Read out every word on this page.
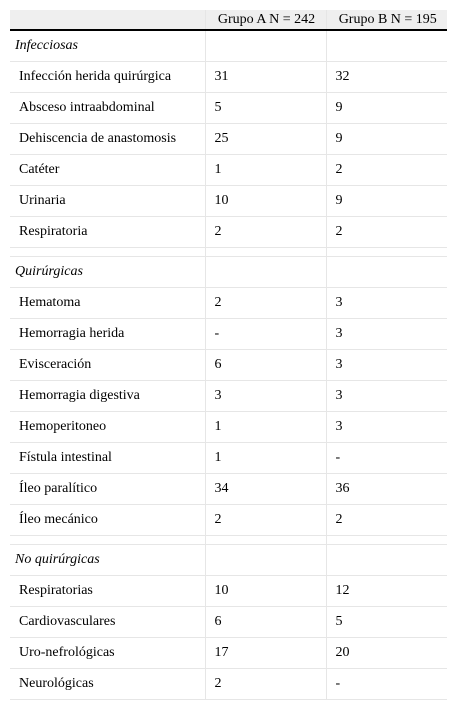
	Grupo A N = 242	Grupo B N = 195
Infecciosas		
Infección herida quirúrgica	31	32
Absceso intraabdominal	5	9
Dehiscencia de anastomosis	25	9
Catéter	1	2
Urinaria	10	9
Respiratoria	2	2

Quirúrgicas		
Hematoma	2	3
Hemorragia herida	-	3
Evisceración	6	3
Hemorragia digestiva	3	3
Hemoperitoneo	1	3
Fístula intestinal	1	-
Íleo paralítico	34	36
Íleo mecánico	2	2

No quirúrgicas		
Respiratorias	10	12
Cardiovasculares	6	5
Uro-nefrológicas	17	20
Neurológicas	2	-
